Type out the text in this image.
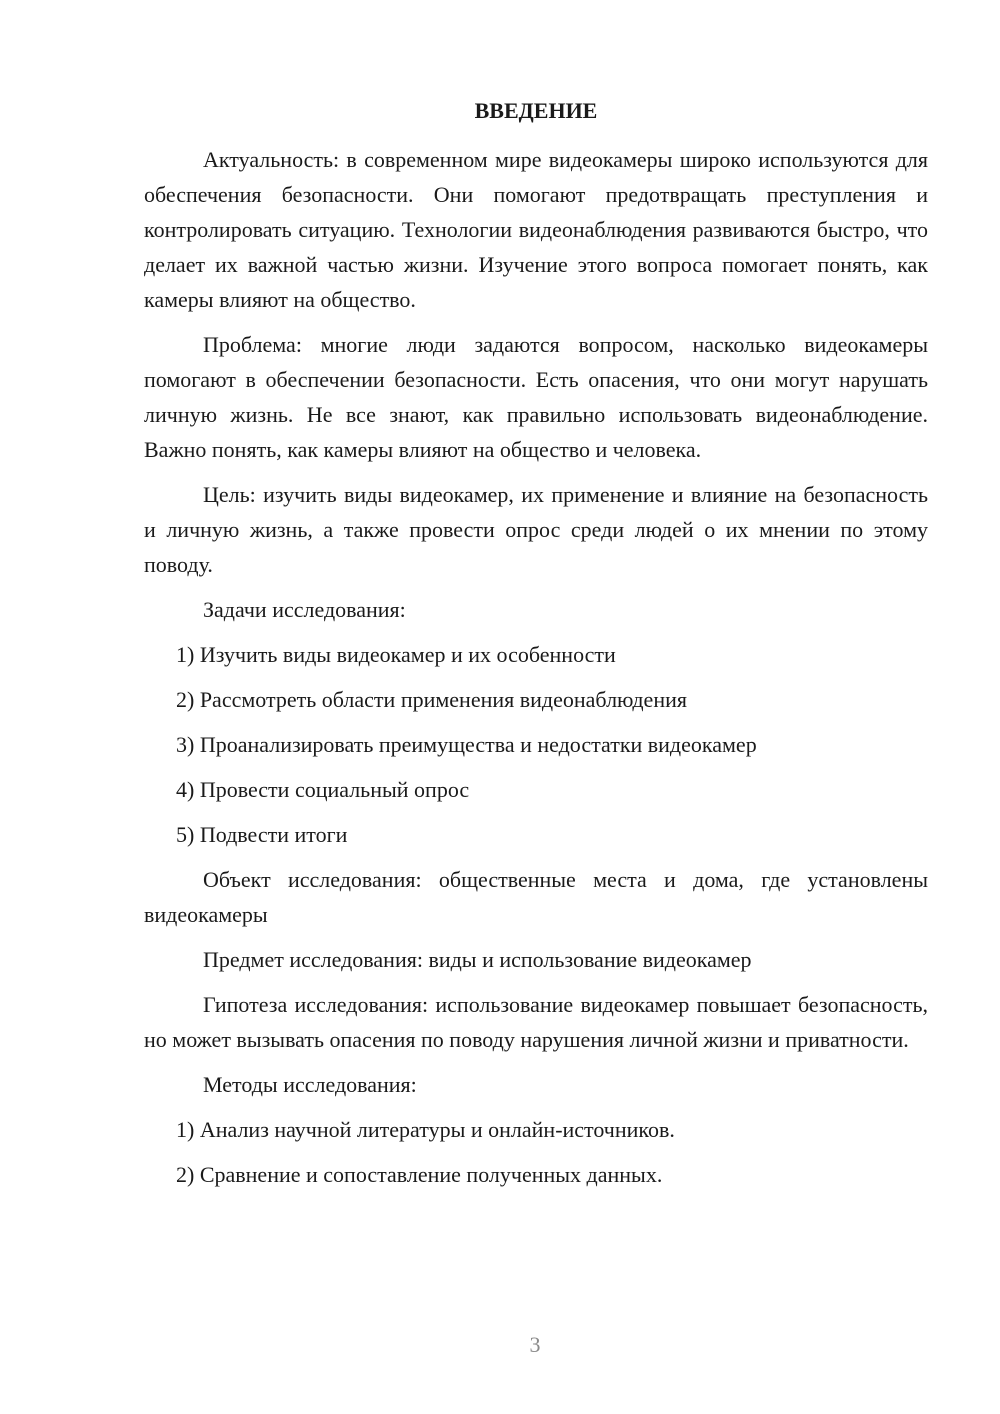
ВВЕДЕНИЕ

Актуальность: в современном мире видеокамеры широко используются для обеспечения безопасности. Они помогают предотвращать преступления и контролировать ситуацию. Технологии видеонаблюдения развиваются быстро, что делает их важной частью жизни. Изучение этого вопроса помогает понять, как камеры влияют на общество.

Проблема: многие люди задаются вопросом, насколько видеокамеры помогают в обеспечении безопасности. Есть опасения, что они могут нарушать личную жизнь. Не все знают, как правильно использовать видеонаблюдение. Важно понять, как камеры влияют на общество и человека.

Цель: изучить виды видеокамер, их применение и влияние на безопасность и личную жизнь, а также провести опрос среди людей о их мнении по этому поводу.

Задачи исследования:

1) Изучить виды видеокамер и их особенности
2) Рассмотреть области применения видеонаблюдения
3) Проанализировать преимущества и недостатки видеокамер
4) Провести социальный опрос
5) Подвести итоги

Объект исследования: общественные места и дома, где установлены видеокамеры

Предмет исследования: виды и использование видеокамер

Гипотеза исследования: использование видеокамер повышает безопасность, но может вызывать опасения по поводу нарушения личной жизни и приватности.

Методы исследования:

1) Анализ научной литературы и онлайн-источников.
2) Сравнение и сопоставление полученных данных.
3
